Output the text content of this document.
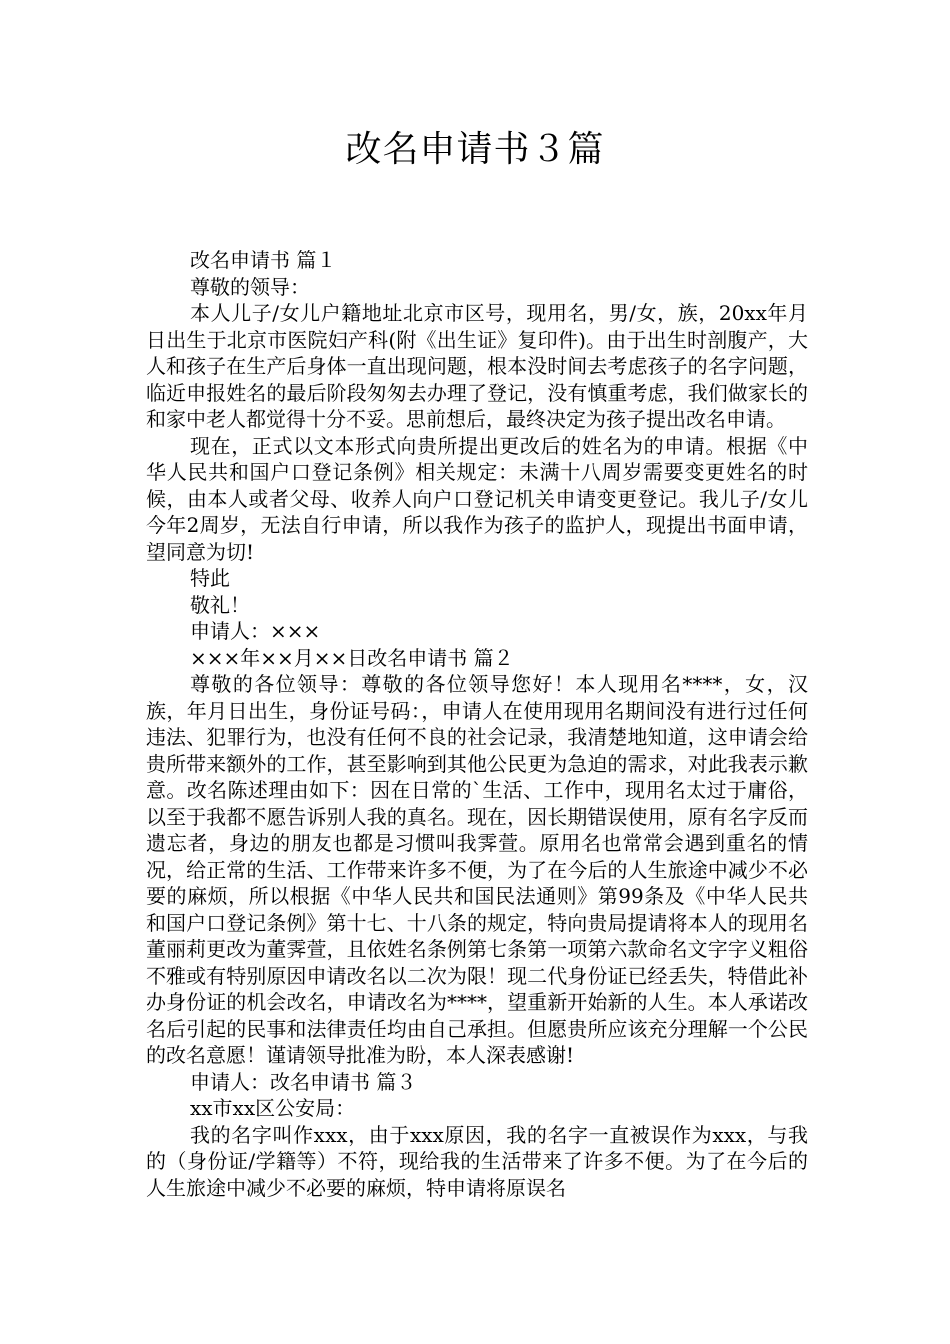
改名申请书３篇

改名申请书 篇１

尊敬的领导：

本人儿子/女儿户籍地址北京市区号，现用名，男/女，族，20xx年月日出生于北京市医院妇产科(附《出生证》复印件)。由于出生时剖腹产，大人和孩子在生产后身体一直出现问题，根本没时间去考虑孩子的名字问题，临近申报姓名的最后阶段匆匆去办理了登记，没有慎重考虑，我们做家长的和家中老人都觉得十分不妥。思前想后，最终决定为孩子提出改名申请。

现在，正式以文本形式向贵所提出更改后的姓名为的申请。根据《中华人民共和国户口登记条例》相关规定：未满十八周岁需要变更姓名的时候，由本人或者父母、收养人向户口登记机关申请变更登记。我儿子/女儿今年2周岁，无法自行申请，所以我作为孩子的监护人，现提出书面申请，望同意为切!

特此

敬礼！

申请人：×××

×××年××月××日改名申请书 篇２

尊敬的各位领导：尊敬的各位领导您好！本人现用名****，女，汉族，年月日出生，身份证号码：，申请人在使用现用名期间没有进行过任何违法、犯罪行为，也没有任何不良的社会记录，我清楚地知道，这申请会给贵所带来额外的工作，甚至影响到其他公民更为急迫的需求，对此我表示歉意。改名陈述理由如下：因在日常的`生活、工作中，现用名太过于庸俗，以至于我都不愿告诉别人我的真名。现在，因长期错误使用，原有名字反而遗忘者，身边的朋友也都是习惯叫我霁萱。原用名也常常会遇到重名的情况，给正常的生活、工作带来许多不便，为了在今后的人生旅途中减少不必要的麻烦，所以根据《中华人民共和国民法通则》第99条及《中华人民共和国户口登记条例》第十七、十八条的规定，特向贵局提请将本人的现用名董丽莉更改为董霁萱，且依姓名条例第七条第一项第六款命名文字字义粗俗不雅或有特别原因申请改名以二次为限！现二代身份证已经丢失，特借此补办身份证的机会改名，申请改名为****，望重新开始新的人生。本人承诺改名后引起的民事和法律责任均由自己承担。但愿贵所应该充分理解一个公民的改名意愿！谨请领导批准为盼，本人深表感谢!

申请人：改名申请书 篇３

xx市xx区公安局：

我的名字叫作xxx，由于xxx原因，我的名字一直被误作为xxx，与我的（身份证/学籍等）不符，现给我的生活带来了许多不便。为了在今后的人生旅途中减少不必要的麻烦，特申请将原误名
